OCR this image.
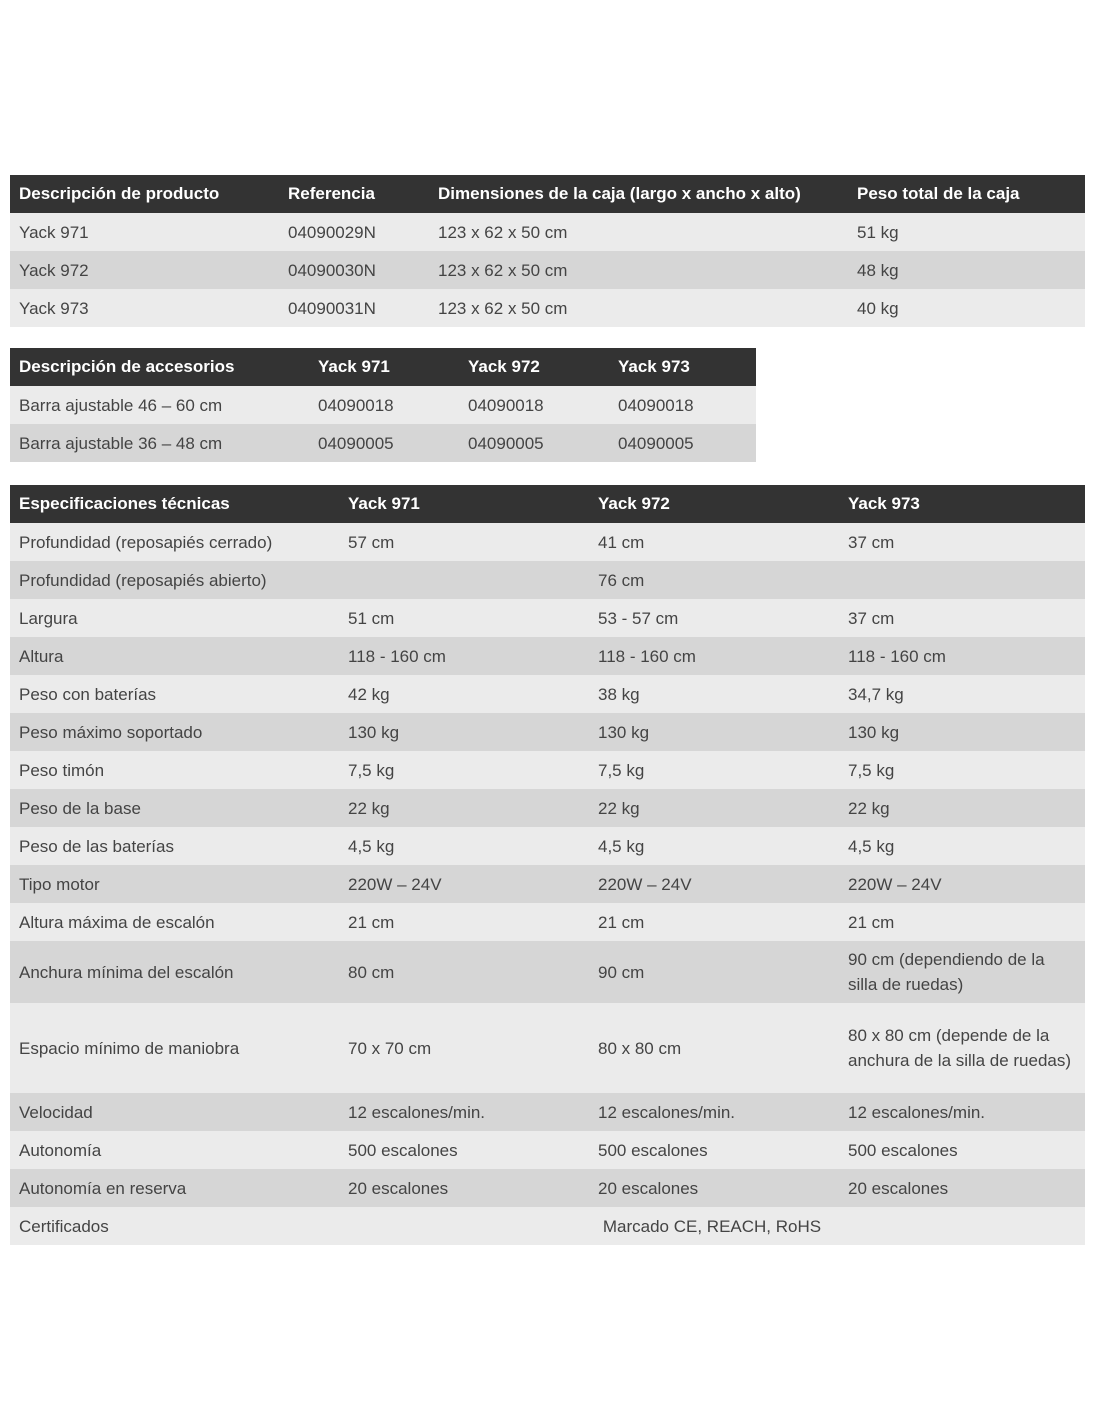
Descripción de producto	Referencia	Dimensiones de la caja (largo x ancho x alto)	Peso total de la caja
Yack 971	04090029N	123 x 62 x 50 cm	51 kg
Yack 972	04090030N	123 x 62 x 50 cm	48 kg
Yack 973	04090031N	123 x 62 x 50 cm	40 kg
Descripción de accesorios	Yack 971	Yack 972	Yack 973
Barra ajustable 46 – 60 cm	04090018	04090018	04090018
Barra ajustable 36 – 48 cm	04090005	04090005	04090005
Especificaciones técnicas	Yack 971	Yack 972	Yack 973
Profundidad (reposapiés cerrado)	57 cm	41 cm	37 cm
Profundidad (reposapiés abierto)		76 cm	
Largura	51 cm	53 - 57 cm	37 cm
Altura	118 - 160 cm	118 - 160 cm	118 - 160 cm
Peso con baterías	42 kg	38 kg	34,7 kg
Peso máximo soportado	130 kg	130 kg	130 kg
Peso timón	7,5 kg	7,5 kg	7,5 kg
Peso de la base	22 kg	22 kg	22 kg
Peso de las baterías	4,5 kg	4,5 kg	4,5 kg
Tipo motor	220W – 24V	220W – 24V	220W – 24V
Altura máxima de escalón	21 cm	21 cm	21 cm
Anchura mínima del escalón	80 cm	90 cm	90 cm (dependiendo de la silla de ruedas)
Espacio mínimo de maniobra	70 x 70 cm	80 x 80 cm	80 x 80 cm (depende de la anchura de la silla de ruedas)
Velocidad	12 escalones/min.	12 escalones/min.	12 escalones/min.
Autonomía	500 escalones	500 escalones	500 escalones
Autonomía en reserva	20 escalones	20 escalones	20 escalones
Certificados	Marcado CE, REACH, RoHS		
